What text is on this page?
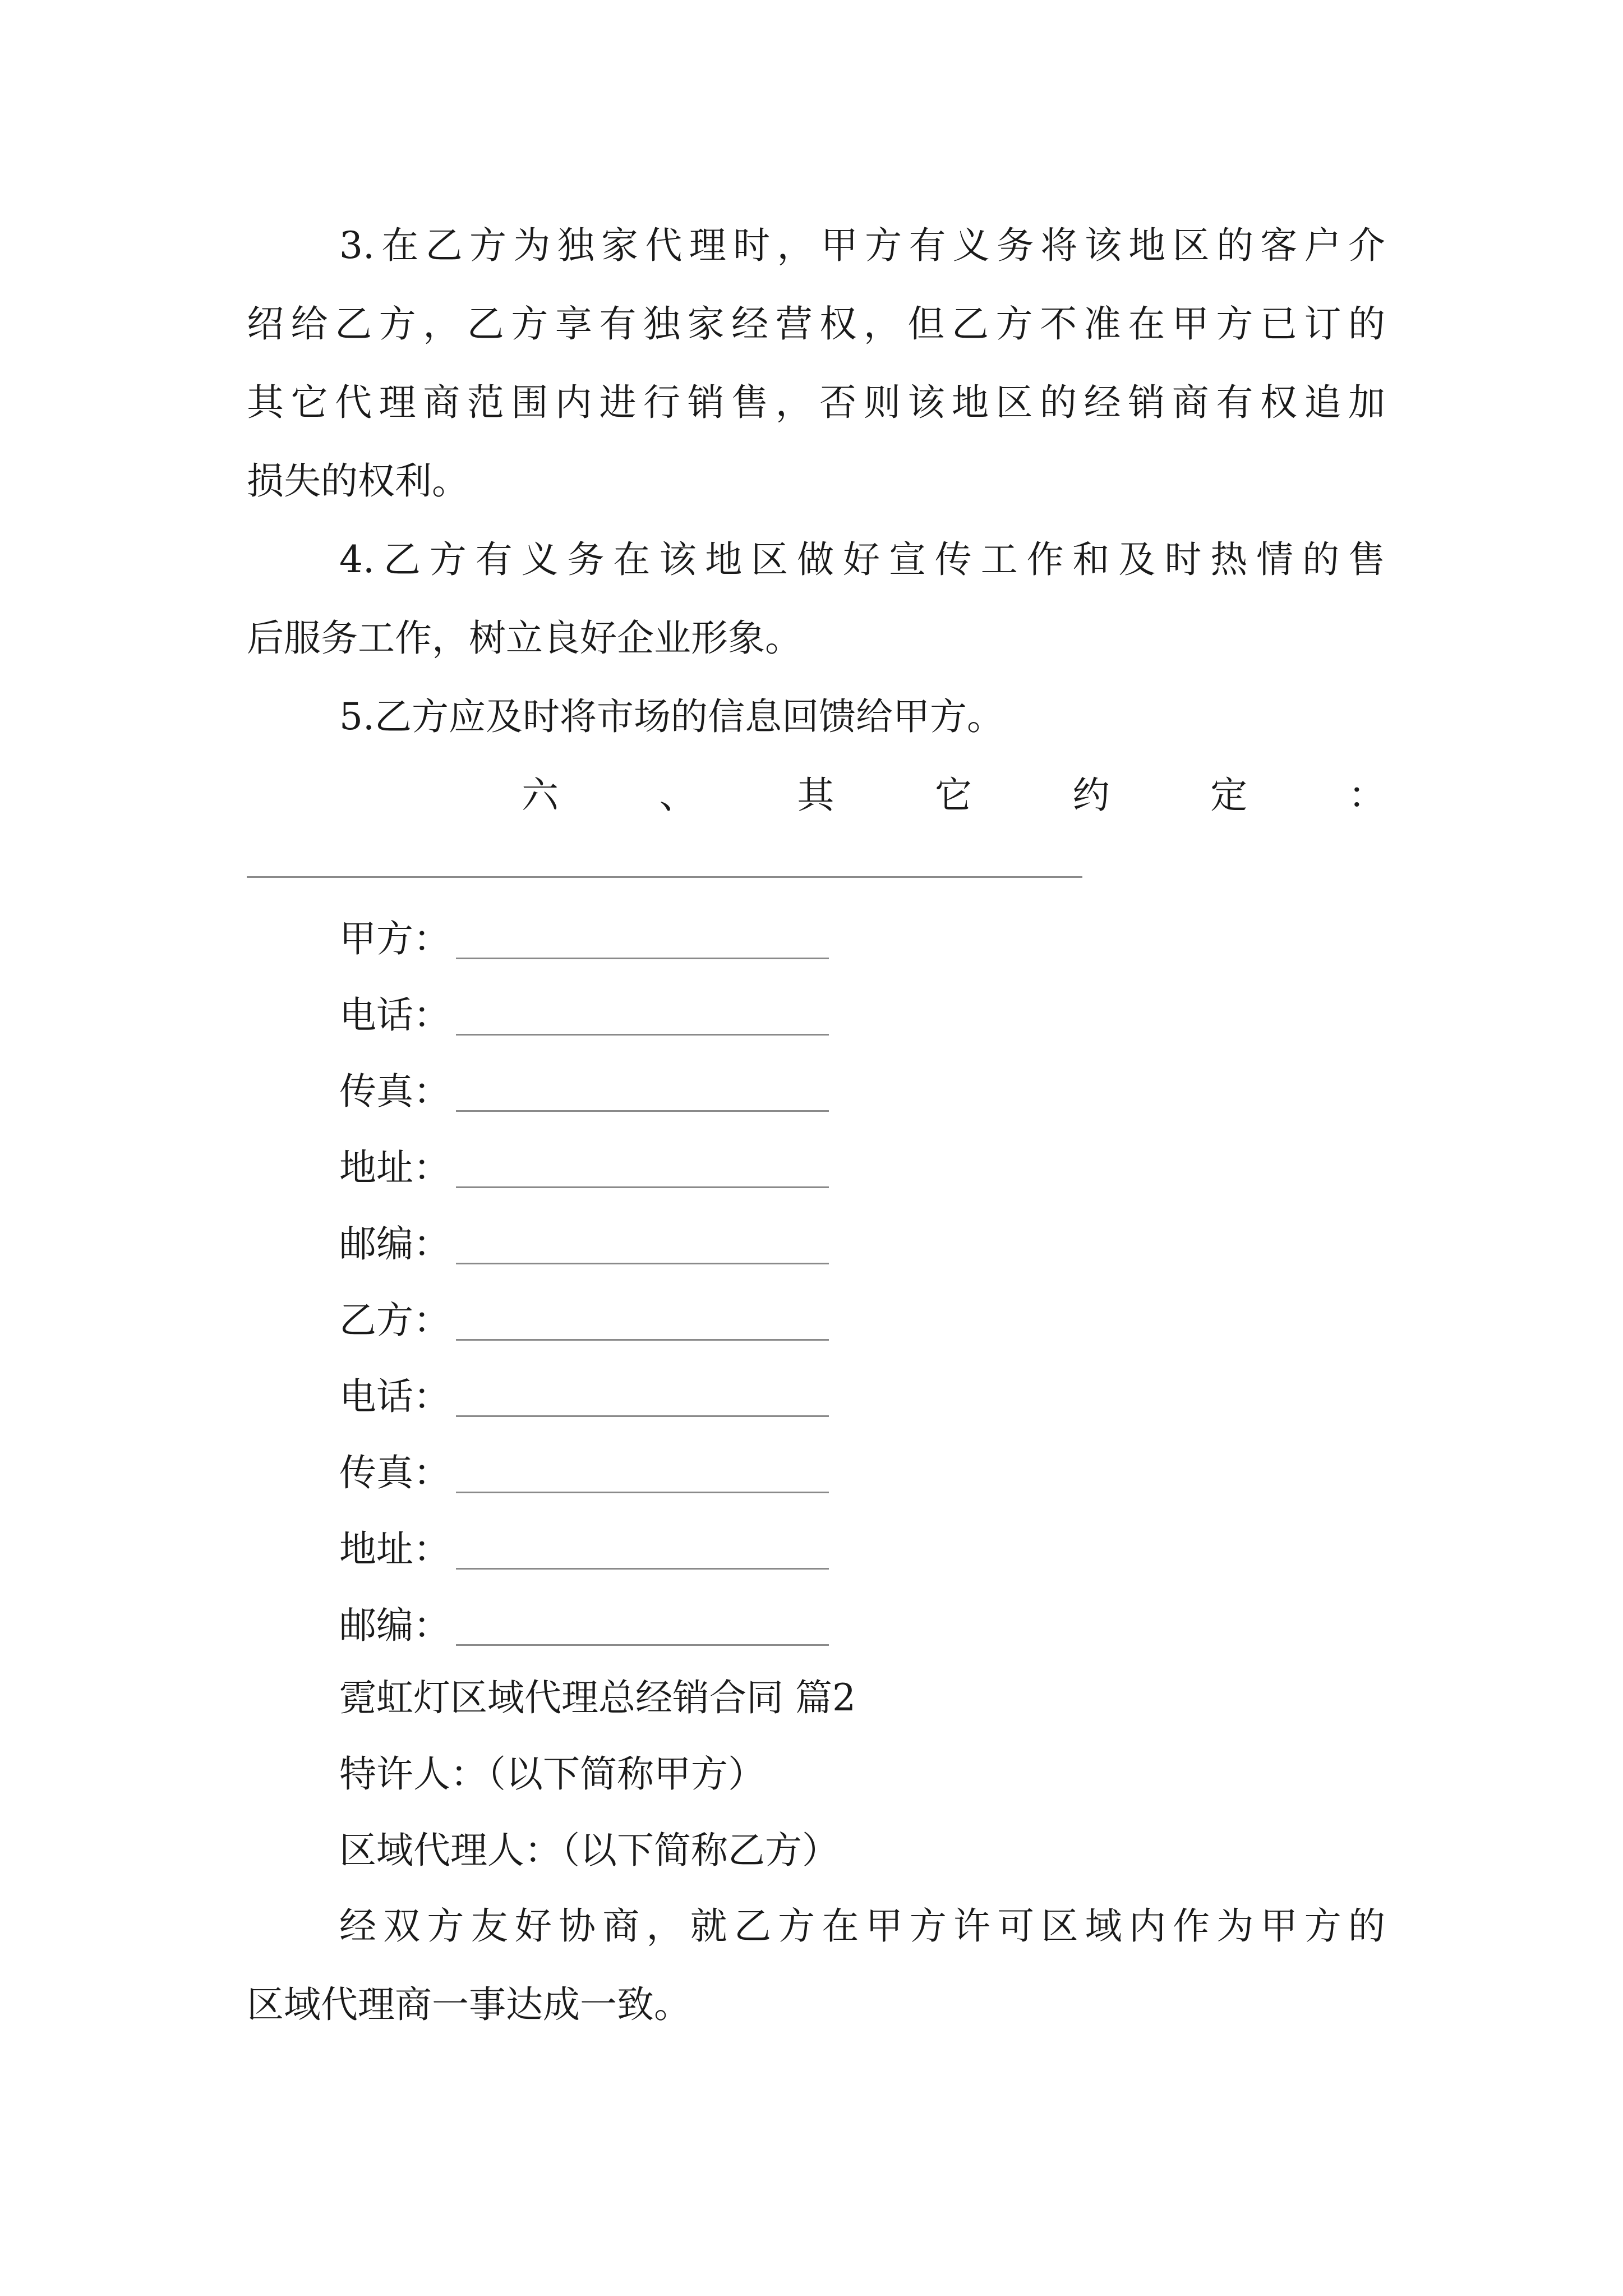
3.在乙方为独家代理时，甲方有义务将该地区的客户介
绍给乙方，乙方享有独家经营权，但乙方不准在甲方已订的
其它代理商范围内进行销售，否则该地区的经销商有权追加
损失的权利。
4.乙方有义务在该地区做好宣传工作和及时热情的售
后服务工作，树立良好企业形象。
5.乙方应及时将市场的信息回馈给甲方。
六	、	其	它	约	定	：
甲方：
电话：
传真：
地址：
邮编：
乙方：
电话：
传真：
地址：
邮编：
霓虹灯区域代理总经销合同 篇2
特许人：（以下简称甲方）
区域代理人：（以下简称乙方）
经双方友好协商，就乙方在甲方许可区域内作为甲方的
区域代理商一事达成一致。
